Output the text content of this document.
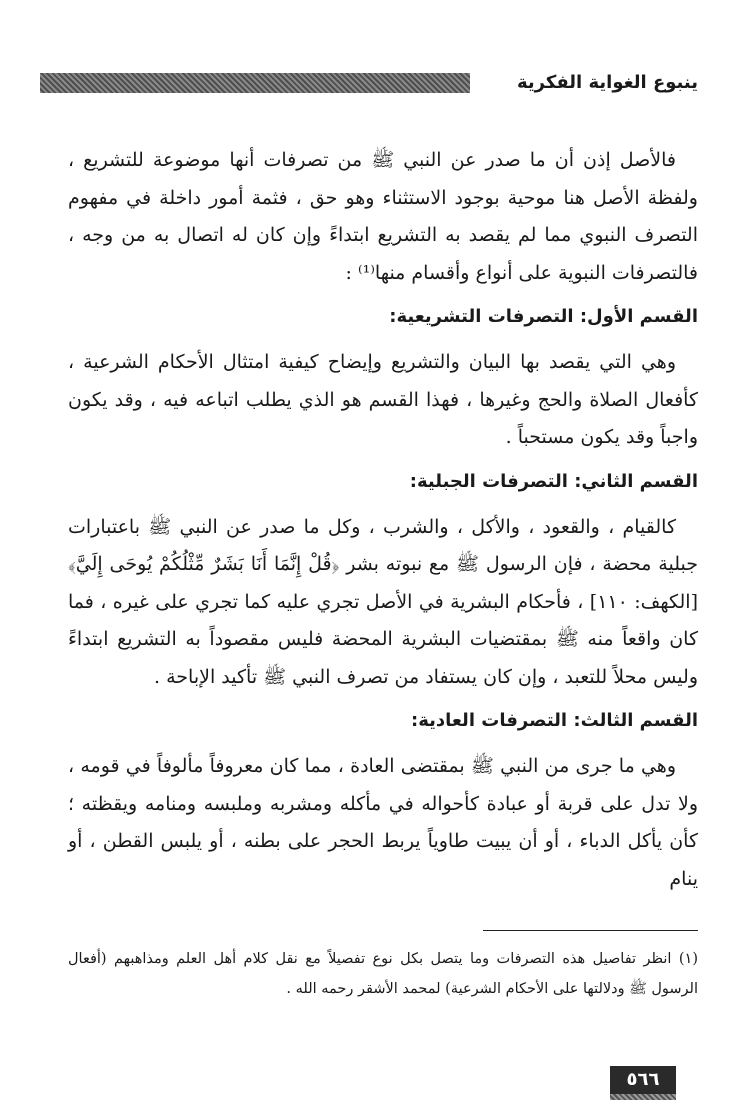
ينبوع الغواية الفكرية

فالأصل إذن أن ما صدر عن النبي ﷺ من تصرفات أنها موضوعة للتشريع ، ولفظة الأصل هنا موحية بوجود الاستثناء وهو حق ، فثمة أمور داخلة في مفهوم التصرف النبوي مما لم يقصد به التشريع ابتداءً وإن كان له اتصال به من وجه ، فالتصرفات النبوية على أنواع وأقسام منها⁽¹⁾ :

القسم الأول: التصرفات التشريعية:

وهي التي يقصد بها البيان والتشريع وإيضاح كيفية امتثال الأحكام الشرعية ، كأفعال الصلاة والحج وغيرها ، فهذا القسم هو الذي يطلب اتباعه فيه ، وقد يكون واجباً وقد يكون مستحباً .

القسم الثاني: التصرفات الجبلية:

كالقيام ، والقعود ، والأكل ، والشرب ، وكل ما صدر عن النبي ﷺ باعتبارات جبلية محضة ، فإن الرسول ﷺ مع نبوته بشر ﴿قُلْ إِنَّمَا أَنَا بَشَرٌ مِّثْلُكُمْ يُوحَى إِلَيَّ﴾ [الكهف: ١١٠] ، فأحكام البشرية في الأصل تجري عليه كما تجري على غيره ، فما كان واقعاً منه ﷺ بمقتضيات البشرية المحضة فليس مقصوداً به التشريع ابتداءً وليس محلاً للتعبد ، وإن كان يستفاد من تصرف النبي ﷺ تأكيد الإباحة .

القسم الثالث: التصرفات العادية:

وهي ما جرى من النبي ﷺ بمقتضى العادة ، مما كان معروفاً مألوفاً في قومه ، ولا تدل على قربة أو عبادة كأحواله في مأكله ومشربه وملبسه ومنامه ويقظته ؛ كأن يأكل الدباء ، أو أن يبيت طاوياً يربط الحجر على بطنه ، أو يلبس القطن ، أو ينام

(١) انظر تفاصيل هذه التصرفات وما يتصل بكل نوع تفصيلاً مع نقل كلام أهل العلم ومذاهبهم (أفعال الرسول ﷺ ودلالتها على الأحكام الشرعية) لمحمد الأشقر رحمه الله .

٥٦٦
